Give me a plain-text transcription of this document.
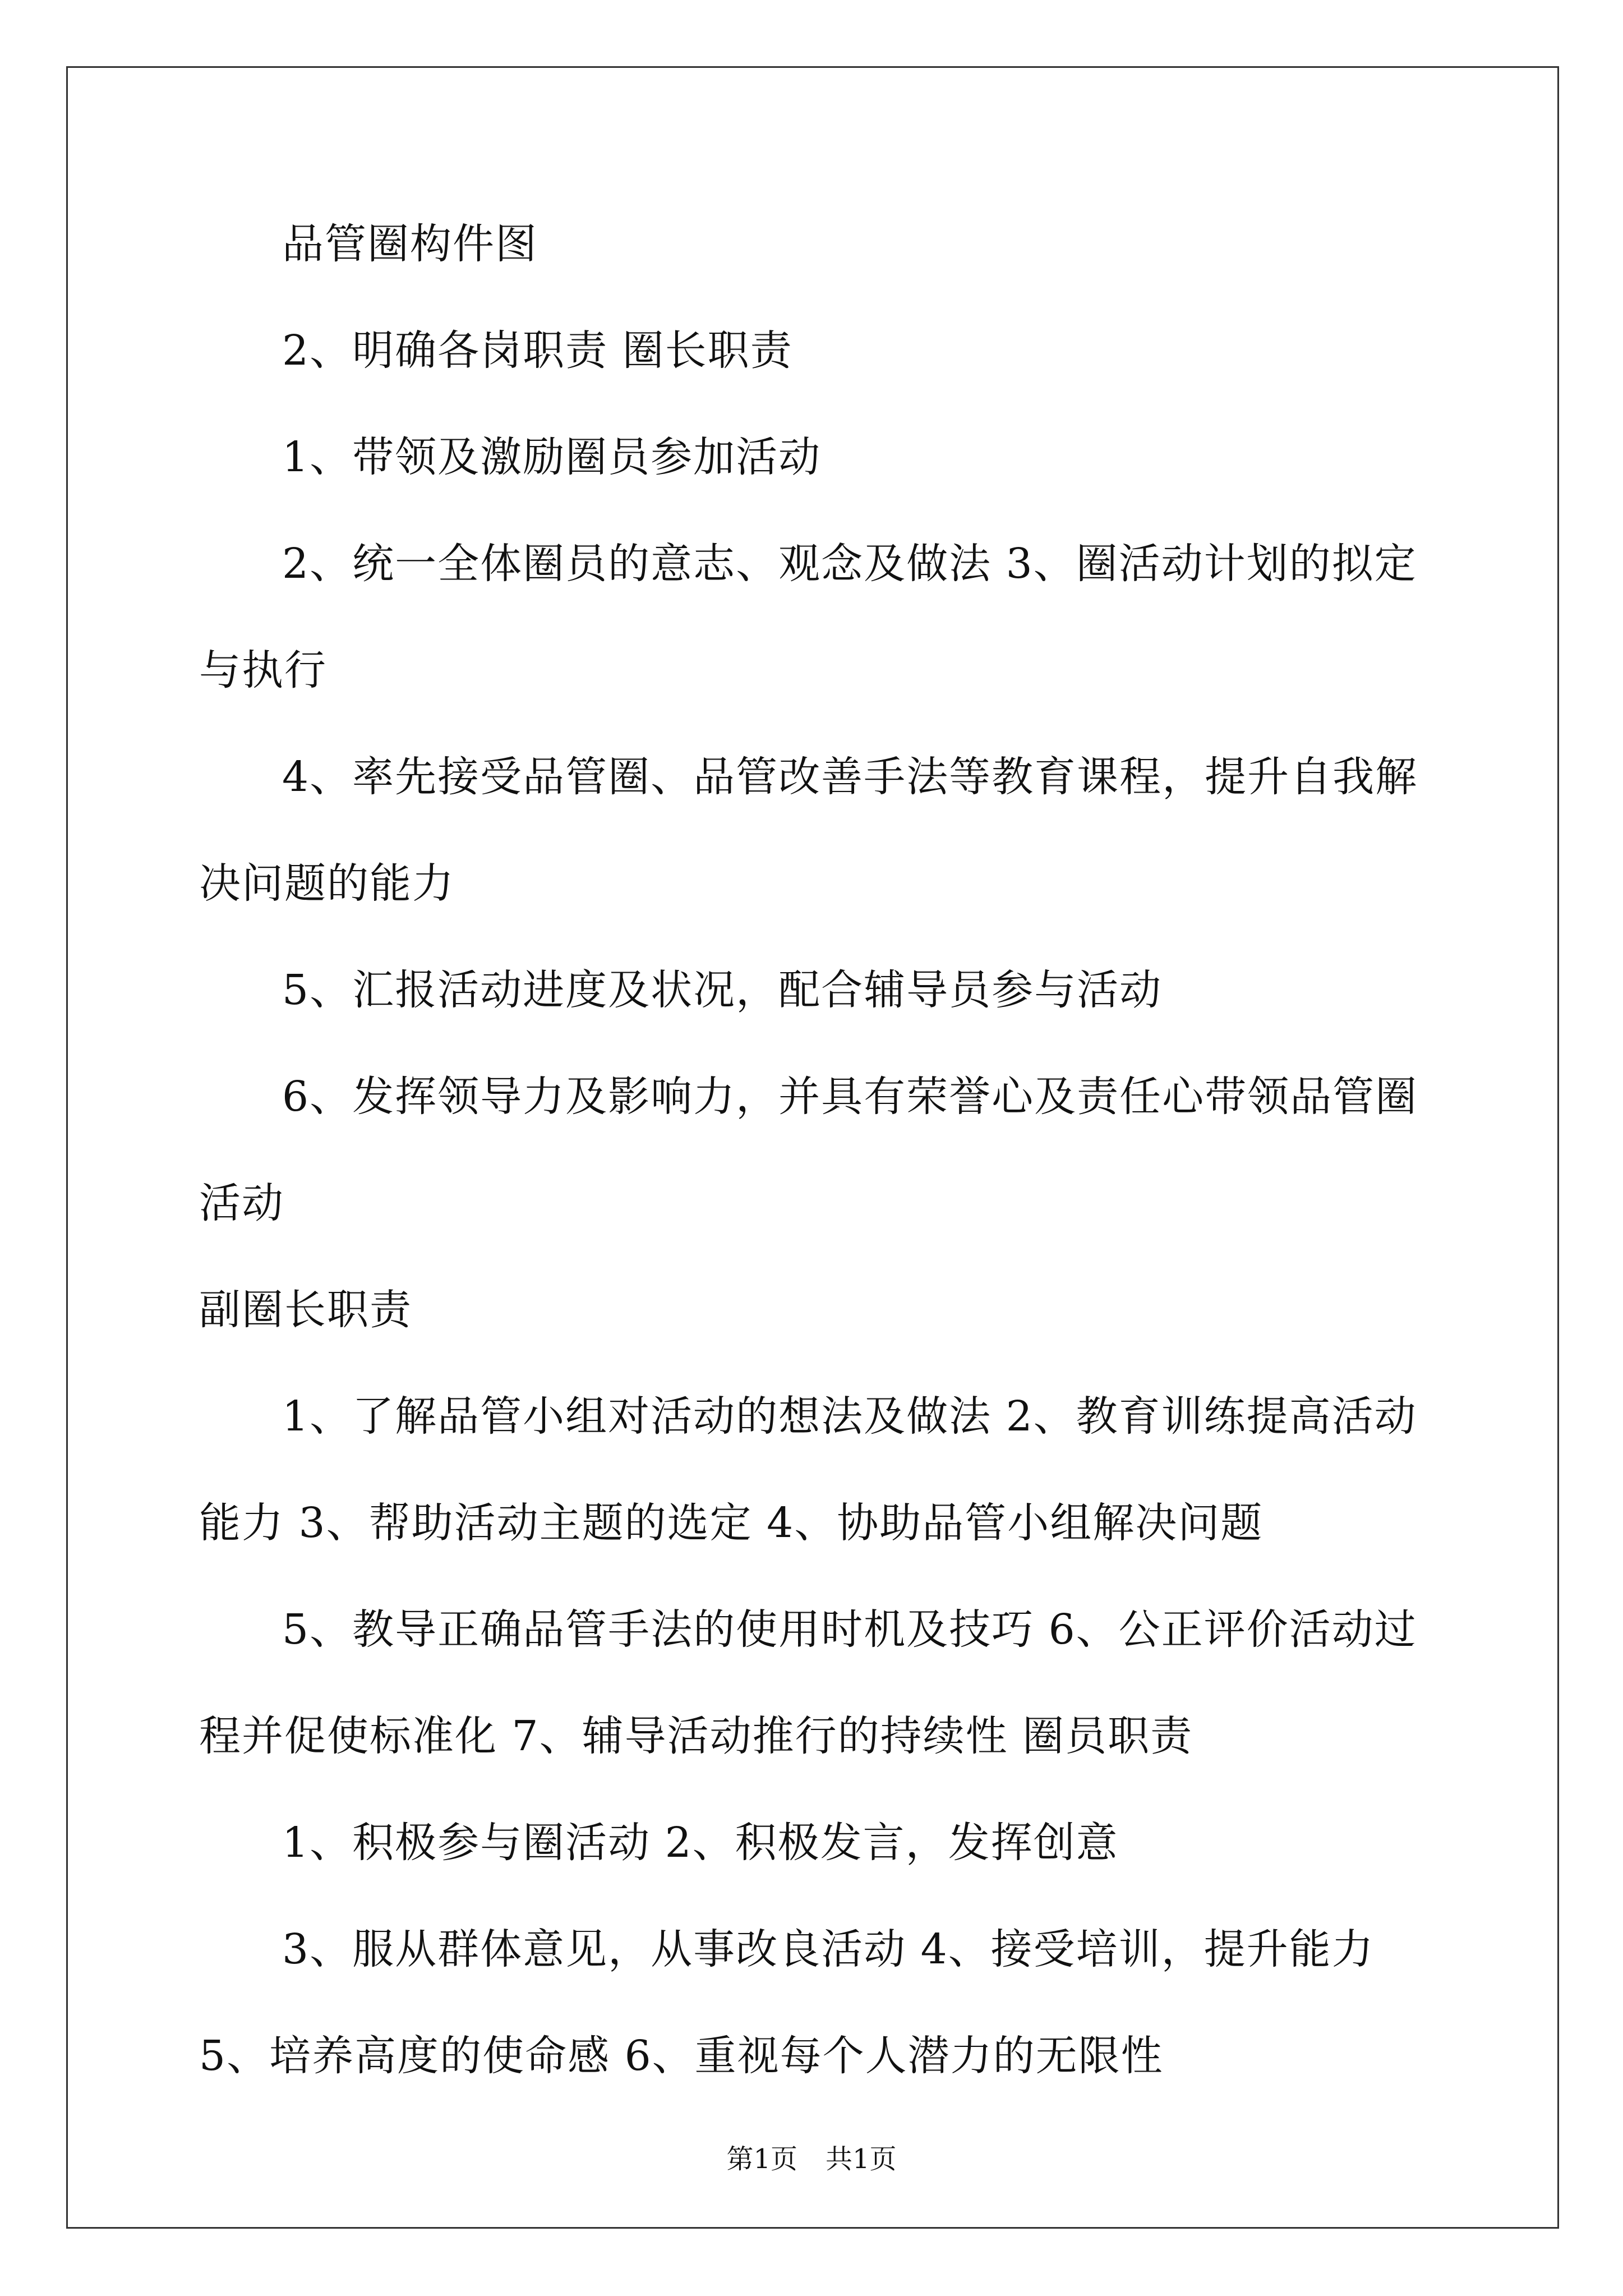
品管圈构件图

2、明确各岗职责 圈长职责

1、带领及激励圈员参加活动

2、统一全体圈员的意志、观念及做法 3、圈活动计划的拟定与执行

4、率先接受品管圈、品管改善手法等教育课程，提升自我解决问题的能力

5、汇报活动进度及状况，配合辅导员参与活动

6、发挥领导力及影响力，并具有荣誉心及责任心带领品管圈活动

副圈长职责

1、了解品管小组对活动的想法及做法 2、教育训练提高活动能力 3、帮助活动主题的选定 4、协助品管小组解决问题

5、教导正确品管手法的使用时机及技巧 6、公正评价活动过程并促使标准化 7、辅导活动推行的持续性 圈员职责

1、积极参与圈活动 2、积极发言，发挥创意

3、服从群体意见，从事改良活动 4、接受培训，提升能力 5、培养高度的使命感 6、重视每个人潜力的无限性

第1页 共1页
